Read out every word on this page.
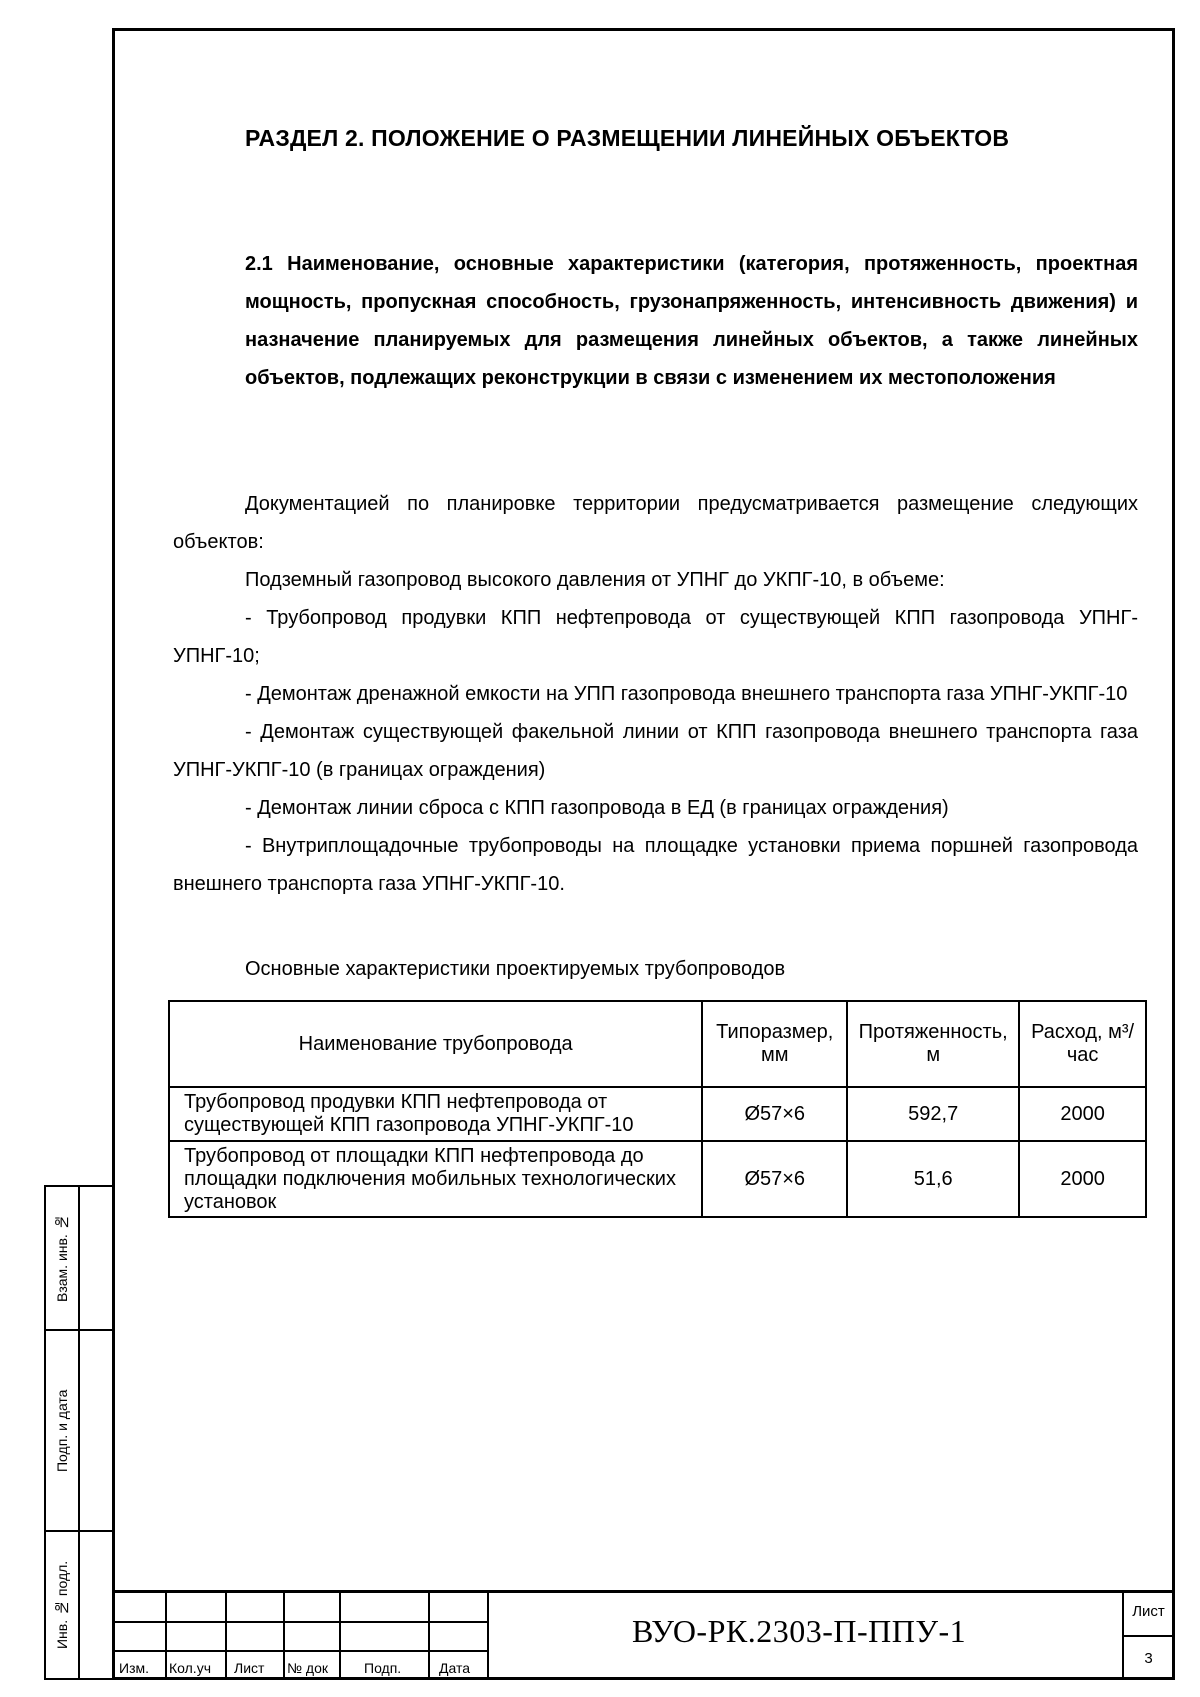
РАЗДЕЛ 2. ПОЛОЖЕНИЕ О РАЗМЕЩЕНИИ ЛИНЕЙНЫХ ОБЪЕКТОВ

2.1 Наименование, основные характеристики (категория, протяженность, проектная мощность, пропускная способность, грузонапряженность, интенсивность движения) и назначение планируемых для размещения линейных объектов, а также линейных объектов, подлежащих реконструкции в связи с изменением их местоположения

Документацией по планировке территории предусматривается размещение следующих объектов:

Подземный газопровод высокого давления от УПНГ до УКПГ-10, в объеме:

- Трубопровод продувки КПП нефтепровода от существующей КПП газопровода УПНГ-УПНГ-10;

- Демонтаж дренажной емкости на УПП газопровода внешнего транспорта газа УПНГ-УКПГ-10

- Демонтаж существующей факельной линии от КПП газопровода внешнего транспорта газа УПНГ-УКПГ-10 (в границах ограждения)

- Демонтаж линии сброса с КПП газопровода в ЕД (в границах ограждения)

- Внутриплощадочные трубопроводы на площадке установки приема поршней газопровода внешнего транспорта газа УПНГ-УКПГ-10.

Основные характеристики проектируемых трубопроводов

Наименование трубопровода	Типоразмер, мм	Протяженность, м	Расход, м³/час
Трубопровод продувки КПП нефтепровода от существующей КПП газопровода УПНГ-УКПГ-10	Ø57×6	592,7	2000
Трубопровод от площадки КПП нефтепровода до площадки подключения мобильных технологических установок	Ø57×6	51,6	2000
Взам. инв. №
Подп. и дата
Инв. № подл.
Изм. Кол.уч Лист № док	Подп.	Дата

ВУО-РК.2303-П-ППУ-1

Лист
3
